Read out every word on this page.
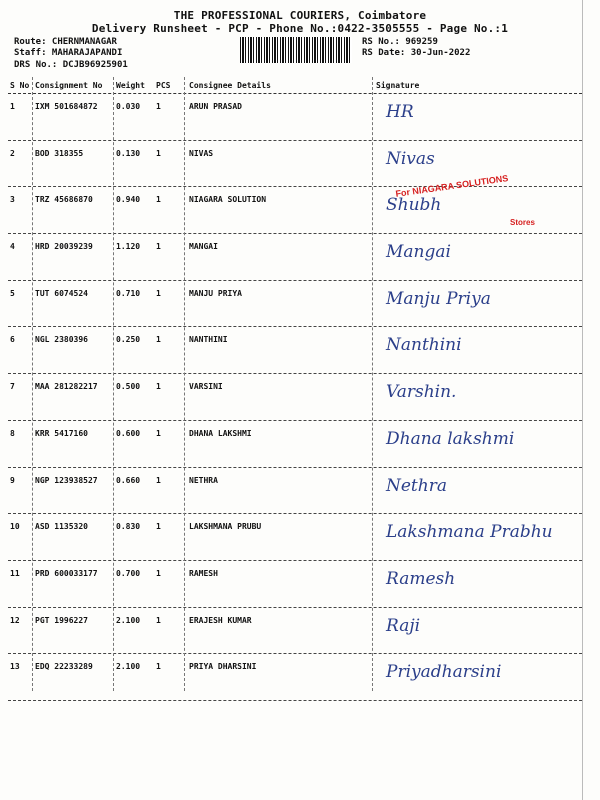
THE PROFESSIONAL COURIERS, Coimbatore
Delivery Runsheet - PCP - Phone No.:0422-3505555 - Page No.:1
Route: CHERNMANAGAR
Staff: MAHARAJAPANDI
DRS No.: DCJB96925901
RS No.: 969259
RS Date: 30-Jun-2022
S No Consignment No Weight PCS Consignee Details	Signature
1	IXM 501684872 0.030 1	ARUN PRASAD	HR
2	BOD 318355	0.130 1	NIVAS	Nivas
3	TRZ 45686870	0.940 1	NIAGARA SOLUTION	Shubh
4	HRD 20039239	1.120 1	MANGAI	Mangai
5	TUT 6074524	0.710 1	MANJU PRIYA	Manju Priya
6	NGL 2380396	0.250 1	NANTHINI	Nanthini
7	MAA 281282217 0.500 1	VARSINI	Varshin.
8	KRR 5417160	0.600 1	DHANA LAKSHMI	Dhana lakshmi
9	NGP 123938527 0.660 1	NETHRA	Nethra
10 ASD 1135320	0.830 1	LAKSHMANA PRUBU	Lakshmana Prabhu
11 PRD 600033177 0.700 1	RAMESH	Ramesh
12 PGT 1996227	2.100 1	ERAJESH KUMAR	Raji
13 EDQ 22233289	2.100 1	PRIYA DHARSINI	Priyadharsini
For NIAGARA SOLUTIONS
Stores
